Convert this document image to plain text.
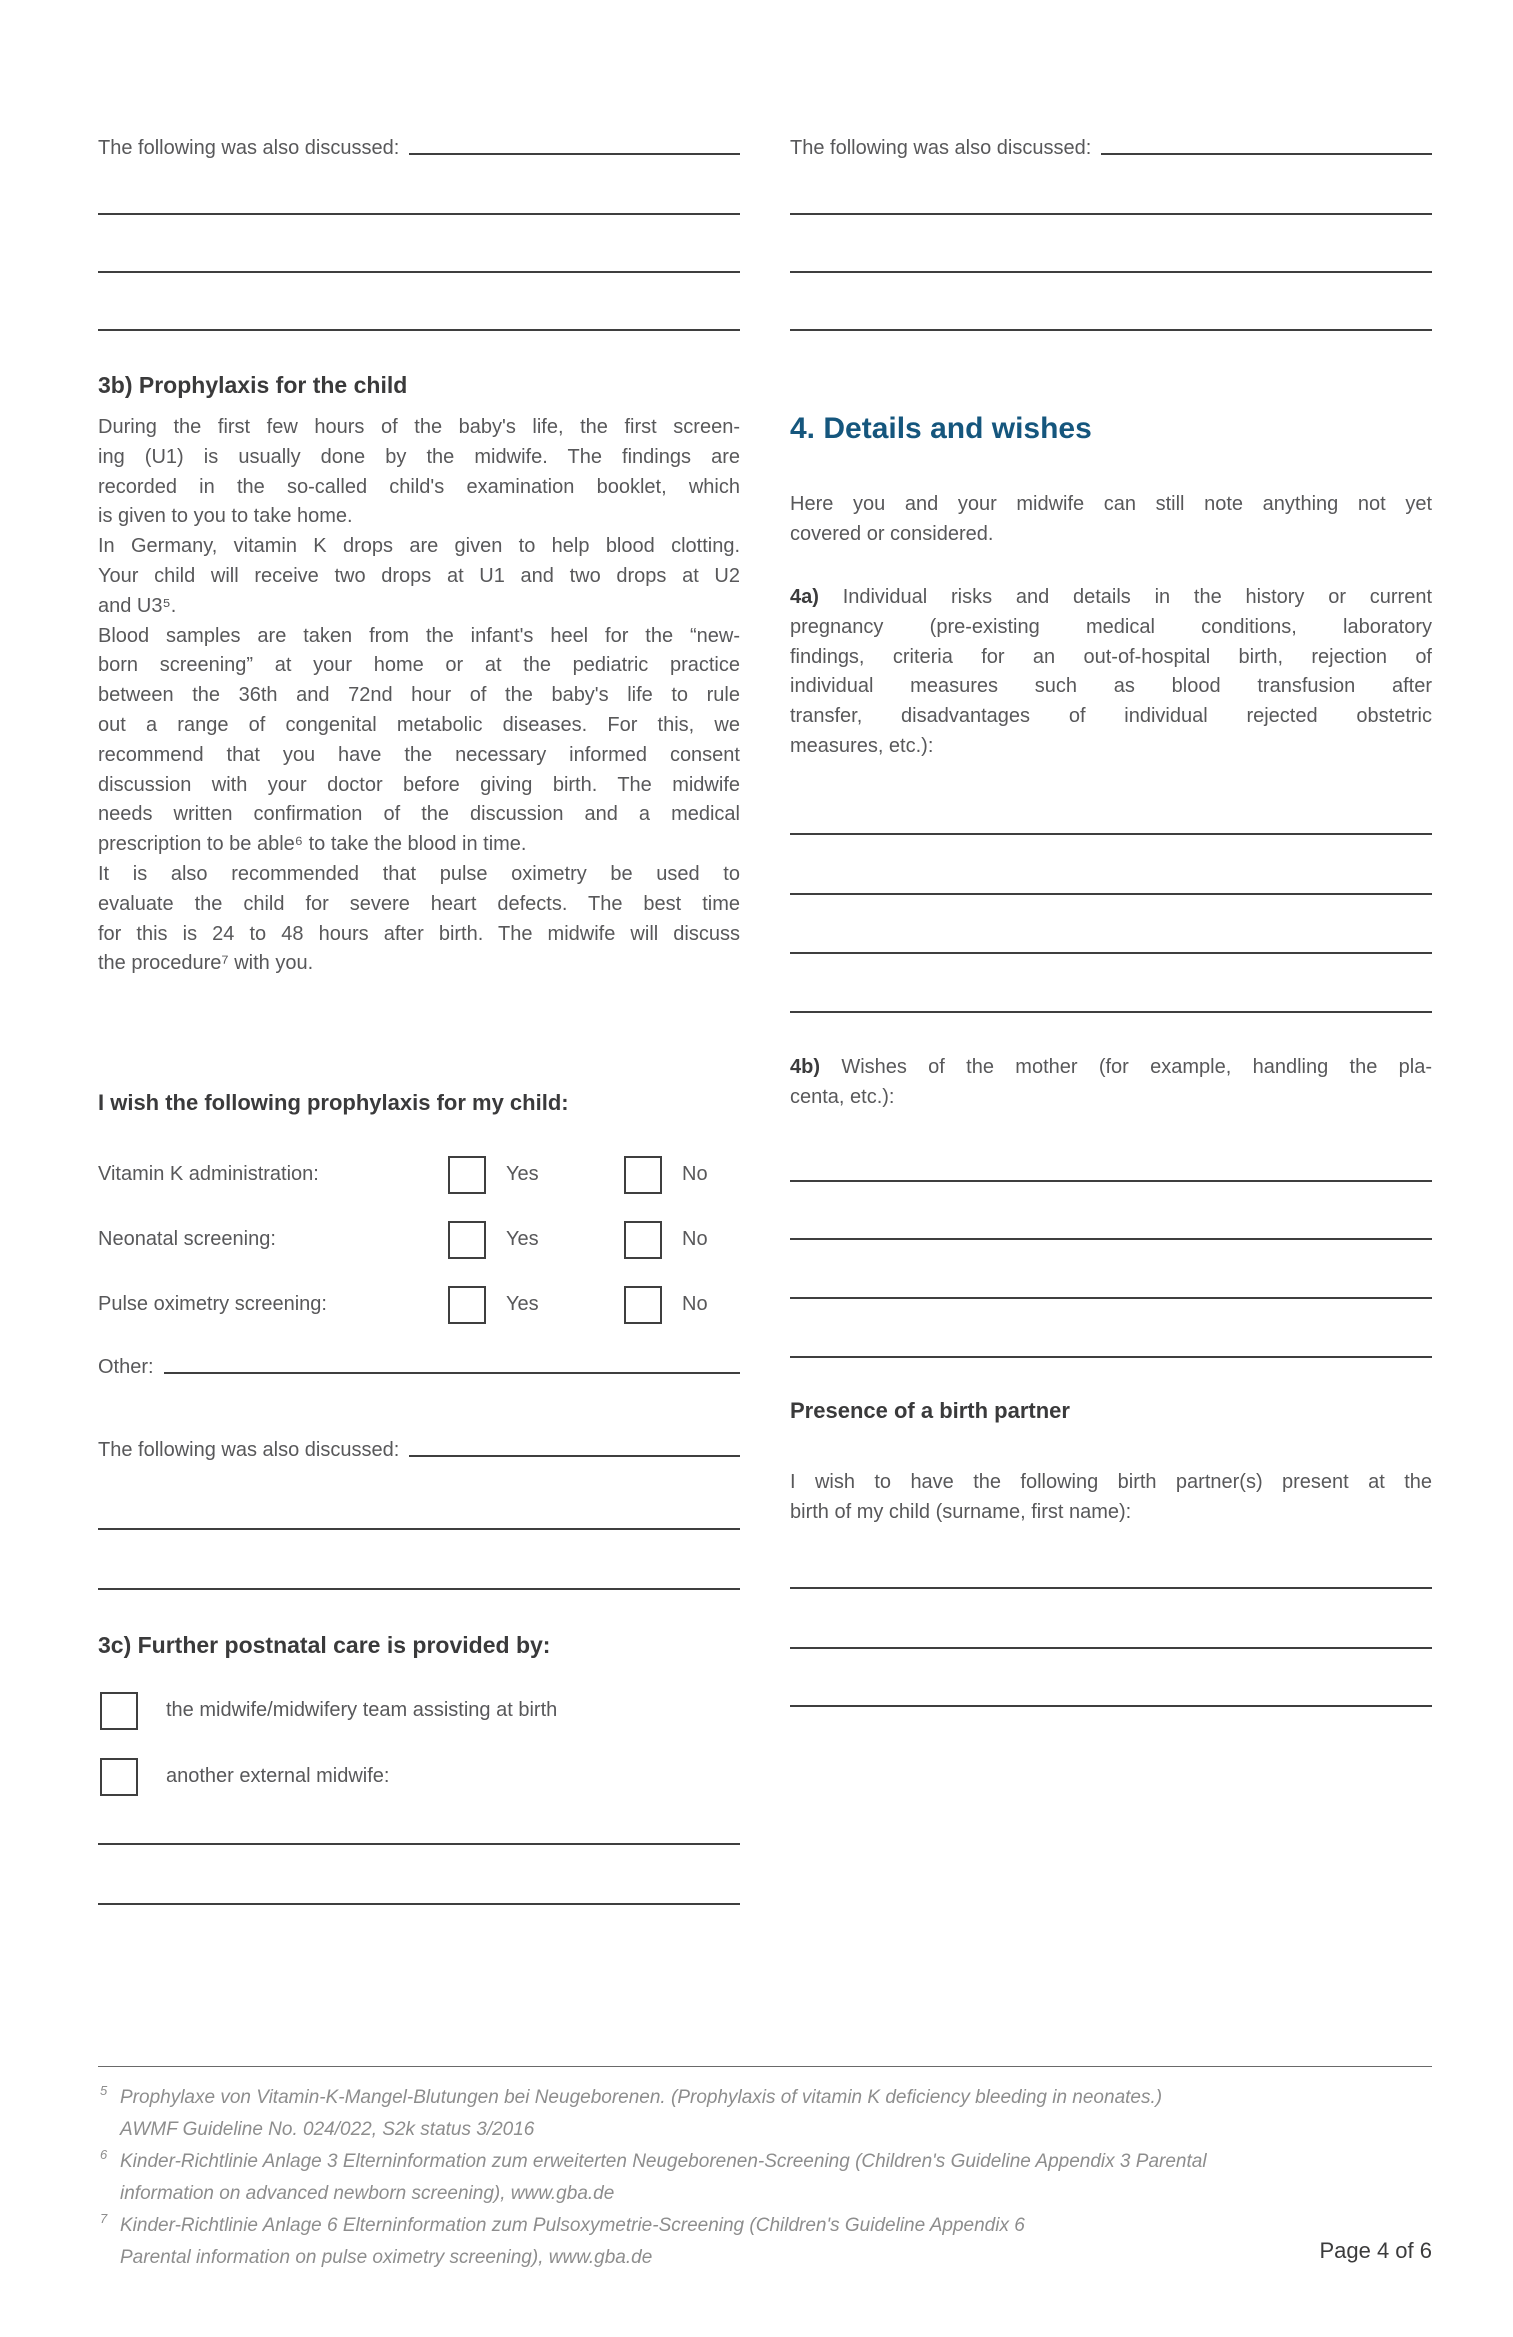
The following was also discussed:
3b) Prophylaxis for the child
During the first few hours of the baby's life, the first screen-
ing (U1) is usually done by the midwife. The findings are
recorded in the so-called child's examination booklet, which
is given to you to take home.
In Germany, vitamin K drops are given to help blood clotting.
Your child will receive two drops at U1 and two drops at U2
and U3⁵.
Blood samples are taken from the infant's heel for the “new-
born screening” at your home or at the pediatric practice
between the 36th and 72nd hour of the baby's life to rule
out a range of congenital metabolic diseases. For this, we
recommend that you have the necessary informed consent
discussion with your doctor before giving birth. The midwife
needs written confirmation of the discussion and a medical
prescription to be able⁶ to take the blood in time.
It is also recommended that pulse oximetry be used to
evaluate the child for severe heart defects. The best time
for this is 24 to 48 hours after birth. The midwife will discuss
the procedure⁷ with you.
I wish the following prophylaxis for my child:
Vitamin K administration:	Yes	No
Neonatal screening:	Yes	No
Pulse oximetry screening:	Yes	No
Other:
The following was also discussed:
3c) Further postnatal care is provided by:
the midwife/midwifery team assisting at birth
another external midwife:
The following was also discussed:
4. Details and wishes
Here you and your midwife can still note anything not yet
covered or considered.
4a) Individual risks and details in the history or current
pregnancy (pre-existing medical conditions, laboratory
findings, criteria for an out-of-hospital birth, rejection of
individual measures such as blood transfusion after
transfer, disadvantages of individual rejected obstetric
measures, etc.):
4b) Wishes of the mother (for example, handling the pla-
centa, etc.):
Presence of a birth partner
I wish to have the following birth partner(s) present at the
birth of my child (surname, first name):
5 Prophylaxe von Vitamin-K-Mangel-Blutungen bei Neugeborenen. (Prophylaxis of vitamin K deficiency bleeding in neonates.)
AWMF Guideline No. 024/022, S2k status 3/2016
6 Kinder-Richtlinie Anlage 3 Elterninformation zum erweiterten Neugeborenen-Screening (Children's Guideline Appendix 3 Parental
information on advanced newborn screening), www.gba.de
7 Kinder-Richtlinie Anlage 6 Elterninformation zum Pulsoxymetrie-Screening (Children's Guideline Appendix 6
Parental information on pulse oximetry screening), www.gba.de	Page 4 of 6
